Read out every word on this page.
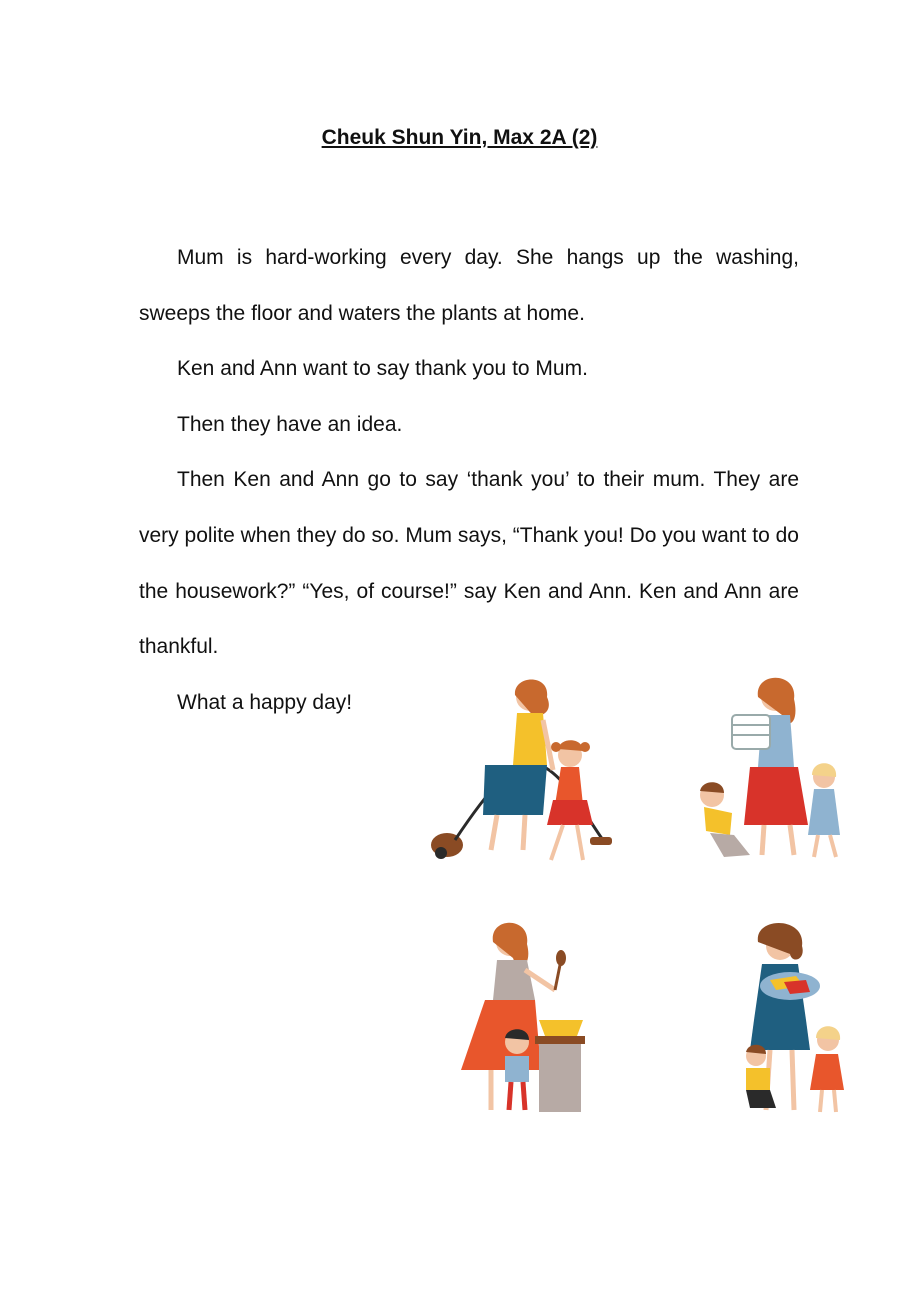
Cheuk Shun Yin, Max 2A (2)

Mum is hard-working every day. She hangs up the washing, sweeps the floor and waters the plants at home.

Ken and Ann want to say thank you to Mum.

Then they have an idea.

Then Ken and Ann go to say ‘thank you’ to their mum. They are very polite when they do so. Mum says, “Thank you! Do you want to do the housework?” “Yes, of course!” say Ken and Ann. Ken and Ann are thankful.

What a happy day!
